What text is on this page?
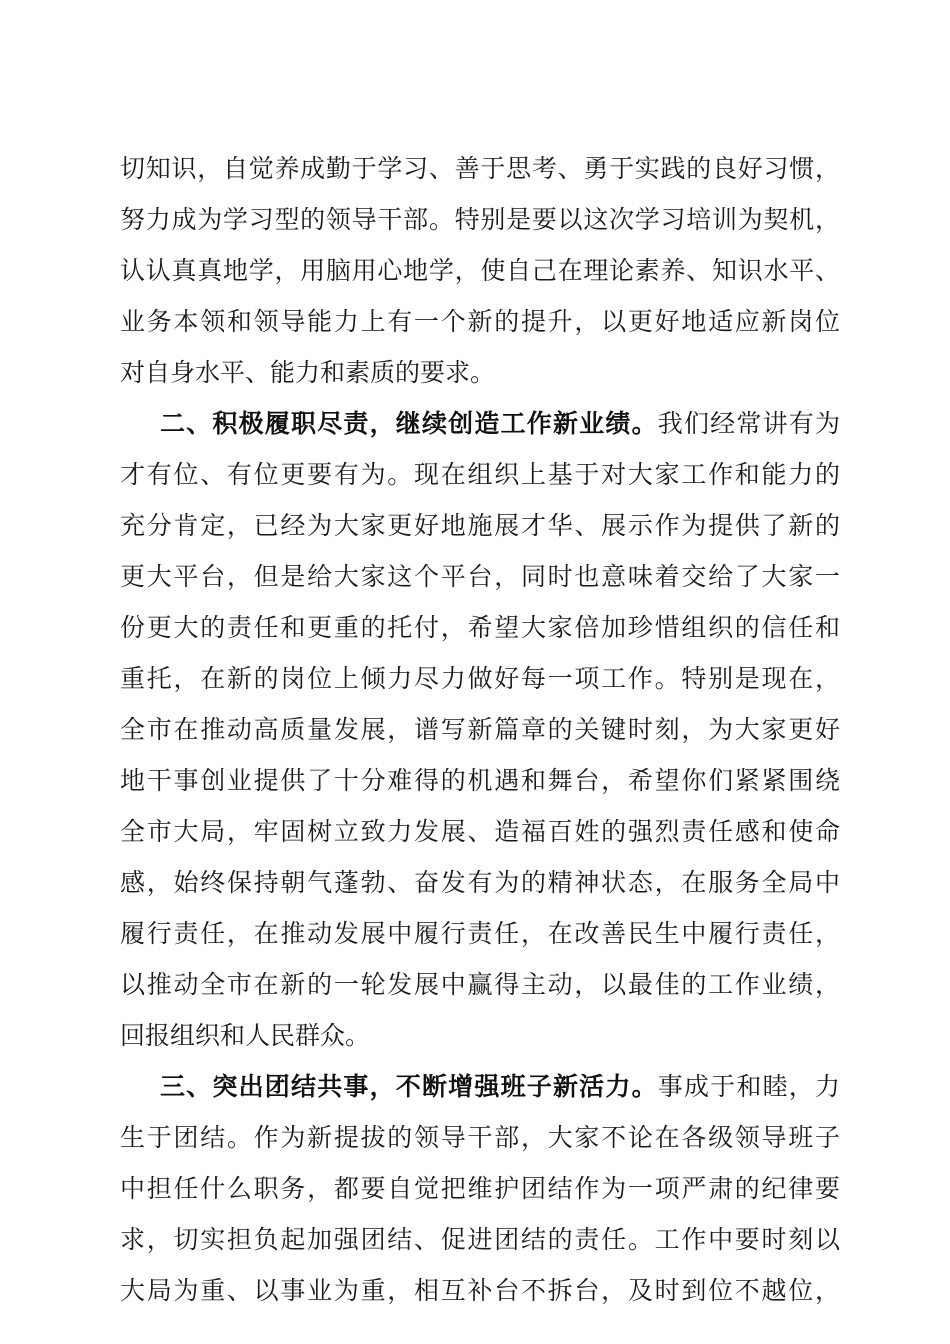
切知识，自觉养成勤于学习、善于思考、勇于实践的良好习惯，
努力成为学习型的领导干部。特别是要以这次学习培训为契机，
认认真真地学，用脑用心地学，使自己在理论素养、知识水平、
业务本领和领导能力上有一个新的提升，以更好地适应新岗位
对自身水平、能力和素质的要求。
二、积极履职尽责，继续创造工作新业绩。我们经常讲有为
才有位、有位更要有为。现在组织上基于对大家工作和能力的
充分肯定，已经为大家更好地施展才华、展示作为提供了新的
更大平台，但是给大家这个平台，同时也意味着交给了大家一
份更大的责任和更重的托付，希望大家倍加珍惜组织的信任和
重托，在新的岗位上倾力尽力做好每一项工作。特别是现在，
全市在推动高质量发展，谱写新篇章的关键时刻，为大家更好
地干事创业提供了十分难得的机遇和舞台，希望你们紧紧围绕
全市大局，牢固树立致力发展、造福百姓的强烈责任感和使命
感，始终保持朝气蓬勃、奋发有为的精神状态，在服务全局中
履行责任，在推动发展中履行责任，在改善民生中履行责任，
以推动全市在新的一轮发展中赢得主动，以最佳的工作业绩，
回报组织和人民群众。
三、突出团结共事，不断增强班子新活力。事成于和睦，力
生于团结。作为新提拔的领导干部，大家不论在各级领导班子
中担任什么职务，都要自觉把维护团结作为一项严肃的纪律要
求，切实担负起加强团结、促进团结的责任。工作中要时刻以
大局为重、以事业为重，相互补台不拆台，及时到位不越位，
